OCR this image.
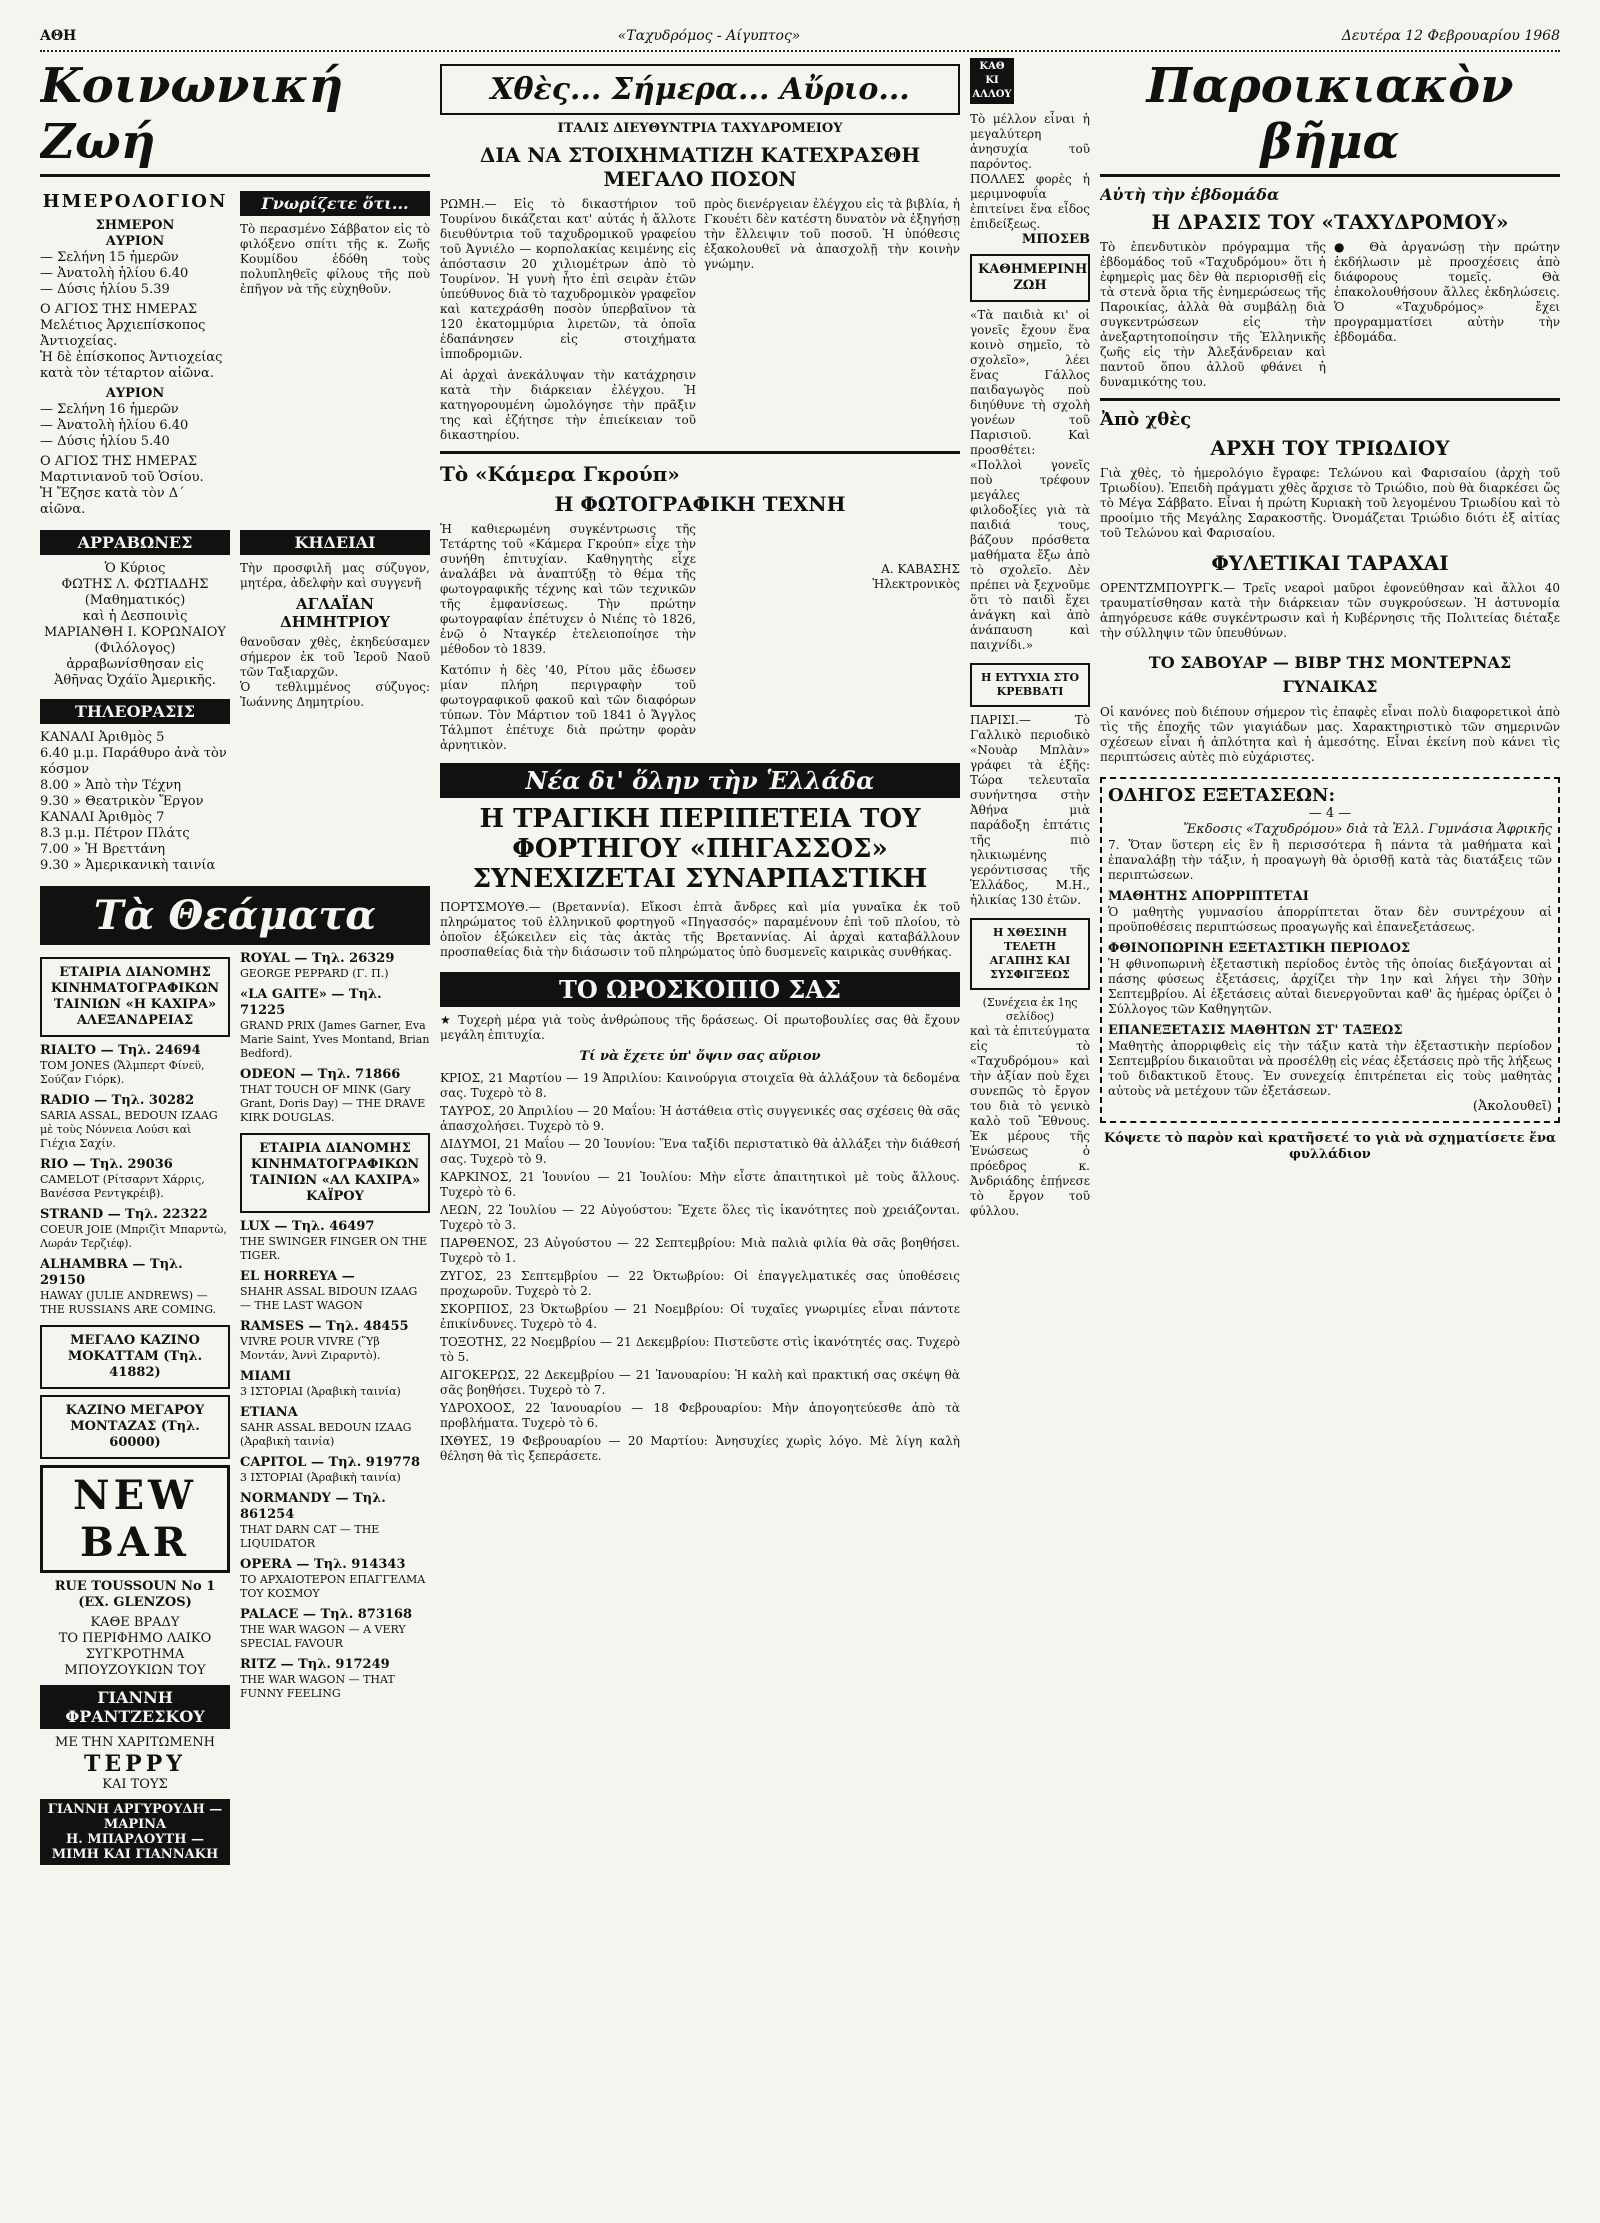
ΑΘΗ	«Ταχυδρόμος - Αίγυπτος»	Δευτέρα 12 Φεβρουαρίου 1968
Κοινωνική Ζωή
ΗΜΕΡΟΛΟΓΙΟΝ
ΣΗΜΕΡΟΝ
ΑΥΡΙΟΝ
— Σελήνη 15 ἡμερῶν
— Ἀνατολὴ ἡλίου 6.40
— Δύσις ἡλίου 5.39
Ο ΑΓΙΟΣ ΤΗΣ ΗΜΕΡΑΣ
Μελέτιος Ἀρχιεπίσκοπος Ἀντιοχείας.
Ἡ δὲ ἐπίσκοπος Ἀντιοχείας κατὰ τὸν τέταρτον αἰῶνα.
ΑΥΡΙΟΝ
— Σελήνη 16 ἡμερῶν
— Ἀνατολὴ ἡλίου 6.40
— Δύσις ἡλίου 5.40
Ο ΑΓΙΟΣ ΤΗΣ ΗΜΕΡΑΣ
Μαρτινιανοῦ τοῦ Ὁσίου.
Ἡ Ἔζησε κατὰ τὸν Δ΄ αἰῶνα.
Γνωρίζετε ὅτι...
Τὸ περασμένο Σάββατον εἰς τὸ φιλόξενο σπίτι τῆς κ. Ζωῆς Κουμίδου ἐδόθη τοὺς πολυπληθεῖς φίλους τῆς ποὺ ἐπῆγον νὰ τῆς εὐχηθοῦν.
ΑΡΡΑΒΩΝΕΣ
Ὁ Κύριος
ΦΩΤΗΣ Λ. ΦΩΤΙΑΔΗΣ
(Μαθηματικός)
καὶ ἡ Δεσποινὶς
ΜΑΡΙΑΝΘΗ Ι. ΚΟΡΩΝΑΙΟΥ
(Φιλόλογος)
ἀρραβωνίσθησαν εἰς Ἀθῆνας Ὀχάϊο Ἀμερικῆς.
ΤΗΛΕΟΡΑΣΙΣ
ΚΑΝΑΛΙ Ἀριθμὸς 5
6.40 μ.μ. Παράθυρο ἀνὰ τὸν κόσμον
8.00 » Ἀπὸ τὴν Τέχνη
9.30 » Θεατρικὸν Ἔργον
ΚΑΝΑΛΙ Ἀριθμὸς 7
8.3 μ.μ. Πέτρον Πλάτς
7.00 » Ἡ Βρεττάνη
9.30 » Ἀμερικανικὴ ταινία
ΚΗΔΕΙΑΙ
Τὴν προσφιλῆ μας σύζυγον, μητέρα, ἀδελφὴν καὶ συγγενῆ
ΑΓΛΑΪΑΝ ΔΗΜΗΤΡΙΟΥ
θανοῦσαν χθὲς, ἐκηδεύσαμεν σήμερον ἐκ τοῦ Ἱεροῦ Ναοῦ τῶν Ταξιαρχῶν.
Ὁ τεθλιμμένος σύζυγος: Ἰωάννης Δημητρίου.
Τὰ Θεάματα
ΕΤΑΙΡΙΑ ΔΙΑΝΟΜΗΣ ΚΙΝΗΜΑΤΟΓΡΑΦΙΚΩΝ ΤΑΙΝΙΩΝ «Η ΚΑΧΙΡΑ» ΑΛΕΞΑΝΔΡΕΙΑΣ
RIALTO — Τηλ. 24694
TOM JONES (Ἄλμπερτ Φίνεϋ, Σούζαν Γιόρκ).
RADIO — Τηλ. 30282
SARIA ASSAL, BEDOUN IZAAG μὲ τοὺς Νόννεια Λούσι καὶ Γιέχια Σαχίν.
RIO — Τηλ. 29036
CAMELOT (Ρίτσαρντ Χάρρις, Βανέσσα Ρεντγκρέιβ).
STRAND — Τηλ. 22322
COEUR JOIE (Μπριζὶτ Μπαρντὼ, Λωράν Τερζιέφ).
ALHAMBRA — Τηλ. 29150
HAWAY (JULIE ANDREWS) — THE RUSSIANS ARE COMING.
ΜΕΓΑΛΟ ΚΑΖΙΝΟ ΜΟΚΑΤΤΑΜ (Τηλ. 41882)
ΚΑΖΙΝΟ ΜΕΓΑΡΟΥ ΜΟΝΤΑΖΑΣ (Τηλ. 60000)
NEW BAR
RUE TOUSSOUN No 1
(EX. GLENZOS)
ΚΑΘΕ ΒΡΑΔΥ
ΤΟ ΠΕΡΙΦΗΜΟ ΛΑΙΚΟ ΣΥΓΚΡΟΤΗΜΑ ΜΠΟΥΖΟΥΚΙΩΝ ΤΟΥ
ΓΙΑΝΝΗ ΦΡΑΝΤΖΕΣΚΟΥ
ΜΕ ΤΗΝ ΧΑΡΙΤΩΜΕΝΗ
ΤΕΡΡΥ
ΚΑΙ ΤΟΥΣ
ΓΙΑΝΝΗ ΑΡΓΥΡΟΥΔΗ — ΜΑΡΙΝΑ
Η. ΜΠΑΡΛΟΥΤΗ — ΜΙΜΗ ΚΑΙ ΓΙΑΝΝΑΚΗ
ROYAL — Τηλ. 26329
GEORGE PEPPARD (Γ. Π.)
«LA GAITE» — Τηλ. 71225
GRAND PRIX (James Garner, Eva Marie Saint, Yves Montand, Brian Bedford).
ODEON — Τηλ. 71866
THAT TOUCH OF MINK (Gary Grant, Doris Day) — THE DRAVE KIRK DOUGLAS.
ΕΤΑΙΡΙΑ ΔΙΑΝΟΜΗΣ ΚΙΝΗΜΑΤΟΓΡΑΦΙΚΩΝ ΤΑΙΝΙΩΝ «ΑΛ ΚΑΧΙΡΑ» ΚΑΪΡΟΥ
LUX — Τηλ. 46497
THE SWINGER FINGER ON THE TIGER.
EL HORREYA —
SHAHR ASSAL BIDOUN IZAAG — THE LAST WAGON
RAMSES — Τηλ. 48455
VIVRE POUR VIVRE (Ὕβ Μοντάν, Ἀννὶ Ζιραρντὸ).
MIAMI
3 ΙΣΤΟΡΙΑΙ (Ἀραβικὴ ταινία)
ETIANA
SAHR ASSAL BEDOUN IZAAG (Ἀραβικὴ ταινία)
CAPITOL — Τηλ. 919778
3 ΙΣΤΟΡΙΑΙ (Ἀραβικὴ ταινία)
NORMANDY — Τηλ. 861254
THAT DARN CAT — THE LIQUIDATOR
OPERA — Τηλ. 914343
ΤΟ ΑΡΧΑΙΟΤΕΡΟΝ ΕΠΑΓΓΕΛΜΑ ΤΟΥ ΚΟΣΜΟΥ
PALACE — Τηλ. 873168
THE WAR WAGON — A VERY SPECIAL FAVOUR
RITZ — Τηλ. 917249
THE WAR WAGON — THAT FUNNY FEELING
Χθὲς... Σήμερα... Αὔριο...
ΙΤΑΛΙΣ ΔΙΕΥΘΥΝΤΡΙΑ ΤΑΧΥΔΡΟΜΕΙΟΥ
ΔΙΑ ΝΑ ΣΤΟΙΧΗΜΑΤΙΖΗ ΚΑΤΕΧΡΑΣΘΗ ΜΕΓΑΛΟ ΠΟΣΟΝ
ΡΩΜΗ.— Εἰς τὸ δικαστήριον τοῦ Τουρίνου δικάζεται κατ' αὐτάς ἡ ἄλλοτε διευθύντρια τοῦ ταχυδρομικοῦ γραφείου τοῦ Ἀγνιέλο — κορπολακίας κειμένης εἰς ἀπόστασιν 20 χιλιομέτρων ἀπὸ τὸ Τουρίνον. Ἡ γυνὴ ἦτο ἐπὶ σειρὰν ἐτῶν ὑπεύθυνος διὰ τὸ ταχυδρομικὸν γραφεῖον καὶ κατεχράσθη ποσὸν ὑπερβαῖνον τὰ 120 ἑκατομμύρια λιρετῶν, τὰ ὁποῖα ἐδαπάνησεν εἰς στοιχήματα ἱπποδρομιῶν.
Αἱ ἀρχαὶ ἀνεκάλυψαν τὴν κατάχρησιν κατὰ τὴν διάρκειαν ἐλέγχου. Ἡ κατηγορουμένη ὡμολόγησε τὴν πρᾶξιν της καὶ ἐζήτησε τὴν ἐπιείκειαν τοῦ δικαστηρίου.
πρὸς διενέργειαν ἐλέγχου εἰς τὰ βιβλία, ἡ Γκουέτι δὲν κατέστη δυνατὸν νὰ ἐξηγήσῃ τὴν ἔλλειψιν τοῦ ποσοῦ. Ἡ ὑπόθεσις ἐξακολουθεῖ νὰ ἀπασχολῇ τὴν κοινὴν γνώμην.
Τὸ «Κάμερα Γκρούπ»
Η ΦΩΤΟΓΡΑΦΙΚΗ ΤΕΧΝΗ
Ἡ καθιερωμένη συγκέντρωσις τῆς Τετάρτης τοῦ «Κάμερα Γκρούπ» εἶχε τὴν συνήθη ἐπιτυχίαν. Καθηγητὴς εἶχε ἀναλάβει νὰ ἀναπτύξῃ τὸ θέμα τῆς φωτογραφικῆς τέχνης καὶ τῶν τεχνικῶν τῆς ἐμφανίσεως. Τὴν πρώτην φωτογραφίαν ἐπέτυχεν ὁ Νιέπς τὸ 1826, ἐνῷ ὁ Νταγκέρ ἐτελειοποίησε τὴν μέθοδον τὸ 1839.
Κατόπιν ἡ δὲς '40, Ρίτου μᾶς ἐδωσεν μίαν πλήρη περιγραφὴν τοῦ φωτογραφικοῦ φακοῦ καὶ τῶν διαφόρων τύπων. Τὸν Μάρτιον τοῦ 1841 ὁ Ἄγγλος Τάλμποτ ἐπέτυχε διὰ πρώτην φορὰν ἀρνητικὸν.
Α. ΚΑΒΑΣΗΣ
Ἡλεκτρονικὸς
Νέα δι' ὅλην τὴν Ἑλλάδα
Η ΤΡΑΓΙΚΗ ΠΕΡΙΠΕΤΕΙΑ ΤΟΥ ΦΟΡΤΗΓΟΥ «ΠΗΓΑΣΣΟΣ» ΣΥΝΕΧΙΖΕΤΑΙ ΣΥΝΑΡΠΑΣΤΙΚΗ
ΠΟΡΤΣΜΟΥΘ.— (Βρεταννία). Εἴκοσι ἑπτὰ ἄνδρες καὶ μία γυναῖκα ἐκ τοῦ πληρώματος τοῦ ἑλληνικοῦ φορτηγοῦ «Πηγασσός» παραμένουν ἐπὶ τοῦ πλοίου, τὸ ὁποῖον ἐξώκειλεν εἰς τὰς ἀκτὰς τῆς Βρεταννίας. Αἱ ἀρχαὶ καταβάλλουν προσπαθείας διὰ τὴν διάσωσιν τοῦ πληρώματος ὑπὸ δυσμενεῖς καιρικὰς συνθήκας.
ΤΟ ΩΡΟΣΚΟΠΙΟ ΣΑΣ
★ Τυχερὴ μέρα γιὰ τοὺς ἀνθρώπους τῆς δράσεως. Οἱ πρωτοβουλίες σας θὰ ἔχουν μεγάλη ἐπιτυχία.
Τί νὰ ἔχετε ὑπ' ὄψιν σας αὔριον
ΚΡΙΟΣ, 21 Μαρτίου — 19 Ἀπριλίου: Καινούργια στοιχεῖα θὰ ἀλλάξουν τὰ δεδομένα σας. Τυχερὸ τὸ 8.
ΤΑΥΡΟΣ, 20 Ἀπριλίου — 20 Μαΐου: Ἡ ἀστάθεια στὶς συγγενικές σας σχέσεις θὰ σᾶς ἀπασχολήσει. Τυχερὸ τὸ 9.
ΔΙΔΥΜΟΙ, 21 Μαΐου — 20 Ἰουνίου: Ἕνα ταξίδι περιστατικὸ θὰ ἀλλάξει τὴν διάθεσή σας. Τυχερὸ τὸ 9.
ΚΑΡΚΙΝΟΣ, 21 Ἰουνίου — 21 Ἰουλίου: Μὴν εἶστε ἀπαιτητικοὶ μὲ τοὺς ἄλλους. Τυχερὸ τὸ 6.
ΛΕΩΝ, 22 Ἰουλίου — 22 Αὐγούστου: Ἔχετε ὅλες τὶς ἱκανότητες ποὺ χρειάζονται. Τυχερὸ τὸ 3.
ΠΑΡΘΕΝΟΣ, 23 Αὐγούστου — 22 Σεπτεμβρίου: Μιὰ παλιὰ φιλία θὰ σᾶς βοηθήσει. Τυχερὸ τὸ 1.
ΖΥΓΟΣ, 23 Σεπτεμβρίου — 22 Ὀκτωβρίου: Οἱ ἐπαγγελματικές σας ὑποθέσεις προχωροῦν. Τυχερὸ τὸ 2.
ΣΚΟΡΠΙΟΣ, 23 Ὀκτωβρίου — 21 Νοεμβρίου: Οἱ τυχαῖες γνωριμίες εἶναι πάντοτε ἐπικίνδυνες. Τυχερὸ τὸ 4.
ΤΟΞΟΤΗΣ, 22 Νοεμβρίου — 21 Δεκεμβρίου: Πιστεῦστε στὶς ἱκανότητές σας. Τυχερὸ τὸ 5.
ΑΙΓΟΚΕΡΩΣ, 22 Δεκεμβρίου — 21 Ἰανουαρίου: Ἡ καλὴ καὶ πρακτική σας σκέψη θὰ σᾶς βοηθήσει. Τυχερὸ τὸ 7.
ΥΔΡΟΧΟΟΣ, 22 Ἰανουαρίου — 18 Φεβρουαρίου: Μὴν ἀπογοητεύεσθε ἀπὸ τὰ προβλήματα. Τυχερὸ τὸ 6.
ΙΧΘΥΕΣ, 19 Φεβρουαρίου — 20 Μαρτίου: Ἀνησυχίες χωρὶς λόγο. Μὲ λίγη καλὴ θέληση θὰ τὶς ξεπεράσετε.
ΚΑΘ
ΚΙ
ΑΛΛΟΥ
Τὸ μέλλον εἶναι ἡ μεγαλύτερη ἀνησυχία τοῦ παρόντος. ΠΟΛΛΕΣ φορὲς ἡ μεριμνοφυΐα ἐπιτείνει ἕνα εἶδος ἐπιδείξεως.
ΜΠΟΣΕΒ
ΚΑΘΗΜΕΡΙΝΗ ΖΩΗ
«Τὰ παιδιὰ κι' οἱ γονεῖς ἔχουν ἕνα κοινὸ σημεῖο, τὸ σχολεῖο», λέει ἕνας Γάλλος παιδαγωγὸς ποὺ διηύθυνε τὴ σχολὴ γονέων τοῦ Παρισιοῦ. Καὶ προσθέτει: «Πολλοὶ γονεῖς ποὺ τρέφουν μεγάλες φιλοδοξίες γιὰ τὰ παιδιά τους, βάζουν πρόσθετα μαθήματα ἔξω ἀπὸ τὸ σχολεῖο. Δὲν πρέπει νὰ ξεχνοῦμε ὅτι τὸ παιδὶ ἔχει ἀνάγκη καὶ ἀπὸ ἀνάπαυση καὶ παιχνίδι.»
Η ΕΥΤΥΧΙΑ ΣΤΟ ΚΡΕΒΒΑΤΙ
ΠΑΡΙΣΙ.— Τὸ Γαλλικὸ περιοδικὸ «Νουὰρ Μπλὰν» γράφει τὰ ἑξῆς: Τώρα τελευταῖα συνήντησα στὴν Ἀθήνα μιὰ παράδοξη ἑπτάτις τῆς πιὸ ηλικιωμένης γερόντισσας τῆς Ἑλλάδος, Μ.Η., ἡλικίας 130 ἐτῶν.
Η ΧΘΕΣΙΝΗ ΤΕΛΕΤΗ ΑΓΑΠΗΣ ΚΑΙ ΣΥΣΦΙΓΞΕΩΣ
(Συνέχεια ἐκ 1ης σελίδος)
καὶ τὰ ἐπιτεύγματα εἰς τὸ «Ταχυδρόμου» καὶ τὴν ἀξίαν ποὺ ἔχει συνεπῶς τὸ ἔργον του διὰ τὸ γενικὸ καλὸ τοῦ Ἔθνους. Ἐκ μέρους τῆς Ἑνώσεως ὁ πρόεδρος κ. Ἀνδριάδης ἐπῄνεσε τὸ ἔργον τοῦ φύλλου.
Παροικιακὸν βῆμα
Αὐτὴ τὴν ἑβδομάδα
Η ΔΡΑΣΙΣ ΤΟΥ «ΤΑΧΥΔΡΟΜΟΥ»
Τὸ ἐπενδυτικὸν πρόγραμμα τῆς ἐβδομάδος τοῦ «Ταχυδρόμου» ὅτι ἡ ἐφημερὶς μας δὲν θὰ περιορισθῇ εἰς τὰ στενὰ ὅρια τῆς ἐνημερώσεως τῆς Παροικίας, ἀλλὰ θὰ συμβάλῃ διὰ συγκεντρώσεων εἰς τὴν ἀνεξαρτητοποίησιν τῆς Ἑλληνικῆς ζωῆς εἰς τὴν Ἀλεξάνδρειαν καὶ παντοῦ ὅπου ἀλλοῦ φθάνει ἡ δυναμικότης του.
● Θὰ ἀργανώσῃ τὴν πρώτην ἐκδήλωσιν μὲ προσχέσεις ἀπὸ διάφορους τομεῖς. Θὰ ἐπακολουθήσουν ἄλλες ἐκδηλώσεις. Ὁ «Ταχυδρόμος» ἔχει προγραμματίσει αὐτὴν τὴν ἑβδομάδα.
Ἀπὸ χθὲς
ΑΡΧΗ ΤΟΥ ΤΡΙΩΔΙΟΥ
Γιὰ χθὲς, τὸ ἡμερολόγιο ἔγραφε: Τελώνου καὶ Φαρισαίου (ἀρχὴ τοῦ Τριωδίου). Ἐπειδὴ πράγματι χθὲς ἄρχισε τὸ Τριώδιο, ποὺ θὰ διαρκέσει ὥς τὸ Μέγα Σάββατο. Εἶναι ἡ πρώτη Κυριακὴ τοῦ λεγομένου Τριωδίου καὶ τὸ προοίμιο τῆς Μεγάλης Σαρακοστῆς. Ὀνομάζεται Τριώδιο διότι ἐξ αἰτίας τοῦ Τελώνου καὶ Φαρισαίου.
ΦΥΛΕΤΙΚΑΙ ΤΑΡΑΧΑΙ
ΟΡΕΝΤΖΜΠΟΥΡΓΚ.— Τρεῖς νεαροὶ μαῦροι ἐφονεύθησαν καὶ ἄλλοι 40 τραυματίσθησαν κατὰ τὴν διάρκειαν τῶν συγκρούσεων. Ἡ ἀστυνομία ἀπηγόρευσε κάθε συγκέντρωσιν καὶ ἡ Κυβέρνησις τῆς Πολιτείας διέταξε τὴν σύλληψιν τῶν ὑπευθύνων.
ΤΟ ΣΑΒΟΥΑΡ — ΒΙΒΡ ΤΗΣ ΜΟΝΤΕΡΝΑΣ ΓΥΝΑΙΚΑΣ
Οἱ κανόνες ποὺ διέπουν σήμερον τὶς ἐπαφὲς εἶναι πολὺ διαφορετικοὶ ἀπὸ τὶς τῆς ἐποχῆς τῶν γιαγιάδων μας. Χαρακτηριστικὸ τῶν σημερινῶν σχέσεων εἶναι ἡ ἁπλότητα καὶ ἡ ἀμεσότης. Εἶναι ἐκείνη ποὺ κάνει τὶς περιπτώσεις αὐτὲς πιὸ εὐχάριστες.
ΟΔΗΓΟΣ ΕΞΕΤΑΣΕΩΝ:
— 4 —
Ἔκδοσις «Ταχυδρόμου» διὰ τὰ Ἑλλ. Γυμνάσια Ἀφρικῆς
7. Ὅταν ὕστερη εἰς ἓν ἢ περισσότερα ἢ πάντα τὰ μαθήματα καὶ ἐπαναλάβῃ τὴν τάξιν, ἡ προαγωγὴ θὰ ὁρισθῇ κατὰ τὰς διατάξεις τῶν περιπτώσεων.
ΜΑΘΗΤΗΣ ΑΠΟΡΡΙΠΤΕΤΑΙ
Ὁ μαθητὴς γυμνασίου ἀπορρίπτεται ὅταν δὲν συντρέχουν αἱ προϋποθέσεις περιπτώσεως προαγωγῆς καὶ ἐπανεξετάσεως.
ΦΘΙΝΟΠΩΡΙΝΗ ΕΞΕΤΑΣΤΙΚΗ ΠΕΡΙΟΔΟΣ
Ἡ φθινοπωρινὴ ἐξεταστικὴ περίοδος ἐντὸς τῆς ὁποίας διεξάγονται αἱ πάσης φύσεως ἐξετάσεις, ἀρχίζει τὴν 1ην καὶ λήγει τὴν 30ὴν Σεπτεμβρίου. Αἱ ἐξετάσεις αὐταὶ διενεργοῦνται καθ' ἃς ἡμέρας ὁρίζει ὁ Σύλλογος τῶν Καθηγητῶν.
ΕΠΑΝΕΞΕΤΑΣΙΣ ΜΑΘΗΤΩΝ ΣΤ' ΤΑΞΕΩΣ
Μαθητὴς ἀπορριφθεὶς εἰς τὴν τάξιν κατὰ τὴν ἐξεταστικὴν περίοδον Σεπτεμβρίου δικαιοῦται νὰ προσέλθῃ εἰς νέας ἐξετάσεις πρὸ τῆς λήξεως τοῦ διδακτικοῦ ἔτους. Ἐν συνεχείᾳ ἐπιτρέπεται εἰς τοὺς μαθητὰς αὐτοὺς νὰ μετέχουν τῶν ἐξετάσεων.
(Ἀκολουθεῖ)
Κόψετε τὸ παρὸν καὶ κρατῆσετέ το γιὰ νὰ σχηματίσετε ἕνα φυλλάδιον
